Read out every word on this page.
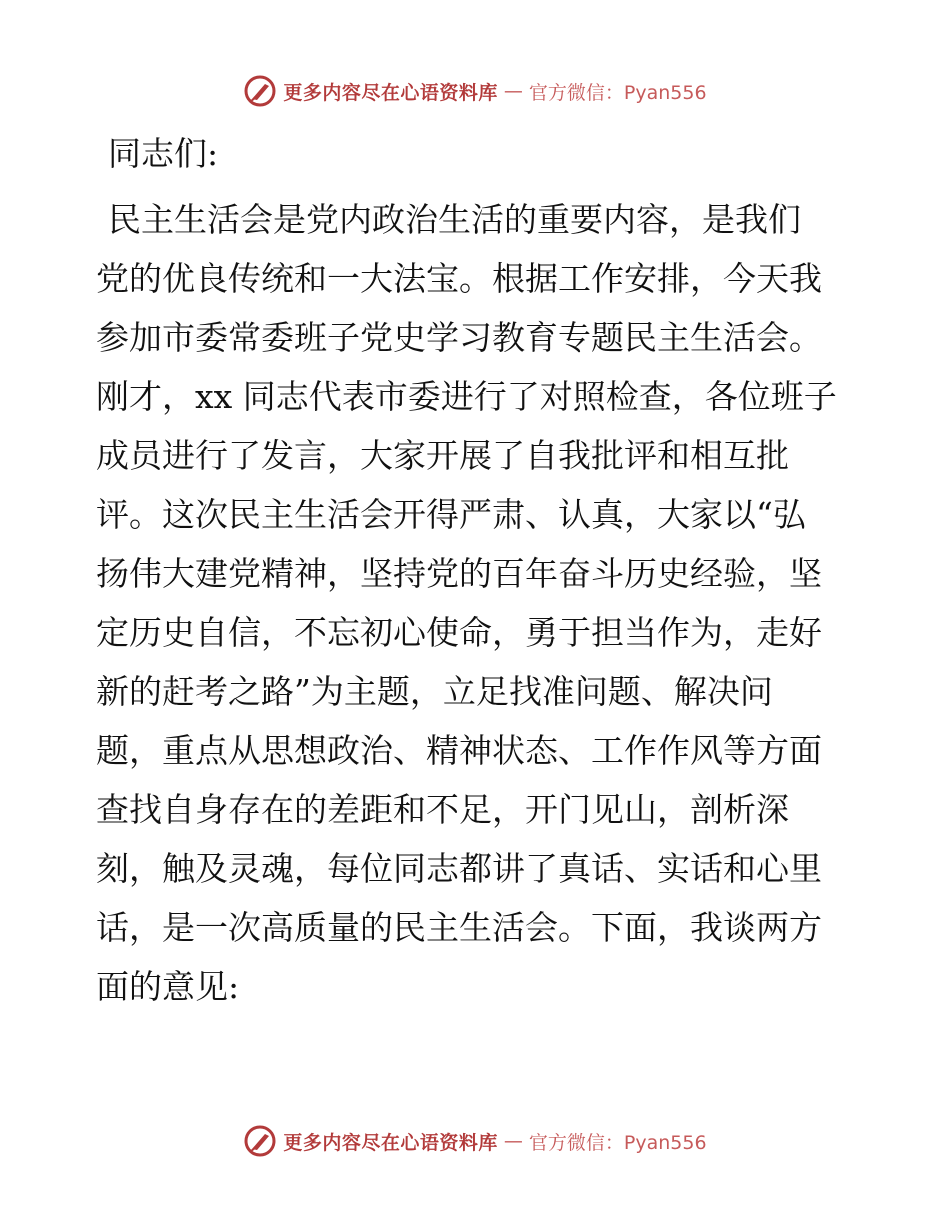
更多内容尽在心语资料库 — 官方微信：Pyan556

同志们:

民主生活会是党内政治生活的重要内容，是我们
党的优良传统和一大法宝。根据工作安排，今天我
参加市委常委班子党史学习教育专题民主生活会。
刚才，xx 同志代表市委进行了对照检查，各位班子
成员进行了发言，大家开展了自我批评和相互批
评。这次民主生活会开得严肃、认真，大家以“弘
扬伟大建党精神，坚持党的百年奋斗历史经验，坚
定历史自信，不忘初心使命，勇于担当作为，走好
新的赶考之路”为主题，立足找准问题、解决问
题，重点从思想政治、精神状态、工作作风等方面
查找自身存在的差距和不足，开门见山，剖析深
刻，触及灵魂，每位同志都讲了真话、实话和心里
话，是一次高质量的民主生活会。下面，我谈两方
面的意见:
更多内容尽在心语资料库 — 官方微信：Pyan556
